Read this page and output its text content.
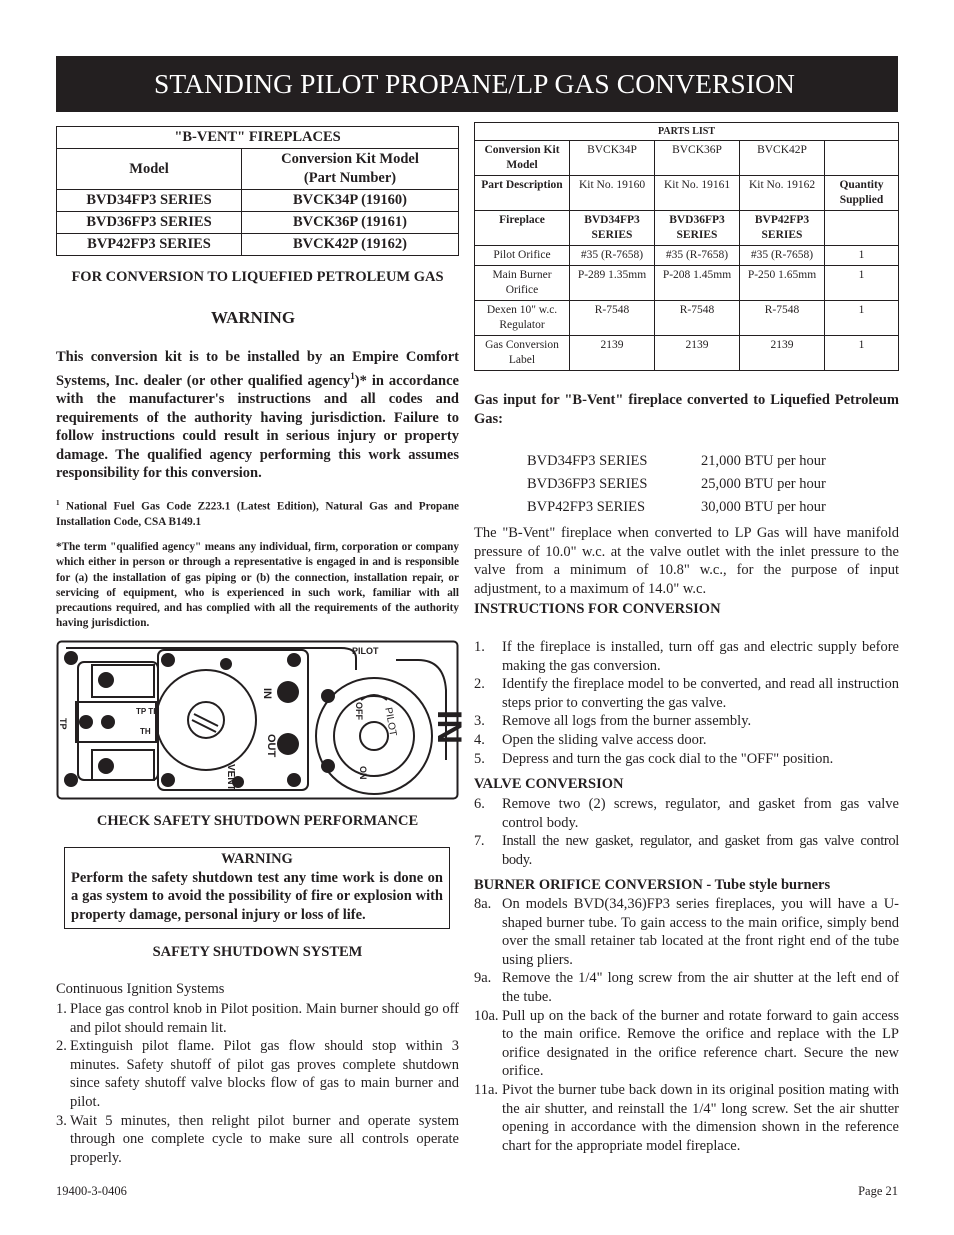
STANDING PILOT PROPANE/LP GAS CONVERSION
"B-VENT" FIREPLACES	
Model	Conversion Kit Model
(Part Number)
BVD34FP3 SERIES	BVCK34P (19160)
BVD36FP3 SERIES	BVCK36P (19161)
BVP42FP3 SERIES	BVCK42P (19162)
FOR CONVERSION TO LIQUEFIED PETROLEUM GAS
WARNING
This conversion kit is to be installed by an Empire Comfort Systems, Inc. dealer (or other qualified agency$^1$)* in accordance with the manufacturer's instructions and all codes and requirements of the authority having jurisdiction. Failure to follow instructions could result in serious injury or property damage. The qualified agency performing this work assumes responsibility for this conversion.
$^1$ National Fuel Gas Code Z223.1 (Latest Edition), Natural Gas and Propane Installation Code, CSA B149.1
*The term "qualified agency" means any individual, firm, corporation or company which either in person or through a representative is engaged in and is responsible for (a) the installation of gas piping or (b) the connection, installation repair, or servicing of equipment, who is experienced in such work, familiar with all precautions required, and has complied with all the requirements of the authority having jurisdiction.
PILOT
TP
TP TH
TH
IN
OUT
VENT
OFF PILOT
ON
IN
CHECK SAFETY SHUTDOWN PERFORMANCE
WARNING
Perform the safety shutdown test any time work is done on a gas system to avoid the possibility of fire or explosion with property damage, personal injury or loss of life.
SAFETY SHUTDOWN SYSTEM
Continuous Ignition Systems
1. Place gas control knob in Pilot position. Main burner should go off and pilot should remain lit.
2. Extinguish pilot flame. Pilot gas flow should stop within 3 minutes. Safety shutoff of pilot gas proves complete shutdown since safety shutoff valve blocks flow of gas to main burner and pilot.
3. Wait 5 minutes, then relight pilot burner and operate system through one complete cycle to make sure all controls operate properly.
PARTS LIST				
Conversion Kit Model	BVCK34P	BVCK36P	BVCK42P	
Part Description	Kit No. 19160	Kit No. 19161	Kit No. 19162	Quantity Supplied
Fireplace	BVD34FP3 SERIES	BVD36FP3 SERIES	BVP42FP3 SERIES	
Pilot Orifice	#35 (R-7658)	#35 (R-7658)	#35 (R-7658)	1
Main Burner Orifice	P-289 1.35mm	P-208 1.45mm	P-250 1.65mm	1
Dexen 10" w.c. Regulator	R-7548	R-7548	R-7548	1
Gas Conversion Label	2139	2139	2139	1
Gas input for "B-Vent" fireplace converted to Liquefied Petroleum Gas:
BVD34FP3 SERIES	21,000 BTU per hour
BVD36FP3 SERIES	25,000 BTU per hour
BVP42FP3 SERIES	30,000 BTU per hour
The "B-Vent" fireplace when converted to LP Gas will have manifold pressure of 10.0" w.c. at the valve outlet with the inlet pressure to the valve from a minimum of 10.8" w.c., for the purpose of input adjustment, to a maximum of 14.0" w.c.
INSTRUCTIONS FOR CONVERSION
1. If the fireplace is installed, turn off gas and electric supply before making the gas conversion.
2. Identify the fireplace model to be converted, and read all instruction steps prior to converting the gas valve.
3. Remove all logs from the burner assembly.
4. Open the sliding valve access door.
5. Depress and turn the gas cock dial to the "OFF" position.
VALVE CONVERSION
6. Remove two (2) screws, regulator, and gasket from gas valve control body.
7. Install the new gasket, regulator, and gasket from gas valve control body.
BURNER ORIFICE CONVERSION - Tube style burners
8a. On models BVD(34,36)FP3 series fireplaces, you will have a U-shaped burner tube. To gain access to the main orifice, simply bend over the small retainer tab located at the front right end of the tube using pliers.
9a. Remove the 1/4" long screw from the air shutter at the left end of the tube.
10a. Pull up on the back of the burner and rotate forward to gain access to the main orifice. Remove the orifice and replace with the LP orifice designated in the orifice reference chart. Secure the new orifice.
11a. Pivot the burner tube back down in its original position mating with the air shutter, and reinstall the 1/4" long screw. Set the air shutter opening in accordance with the dimension shown in the reference chart for the appropriate model fireplace.
19400-3-0406	Page 21
